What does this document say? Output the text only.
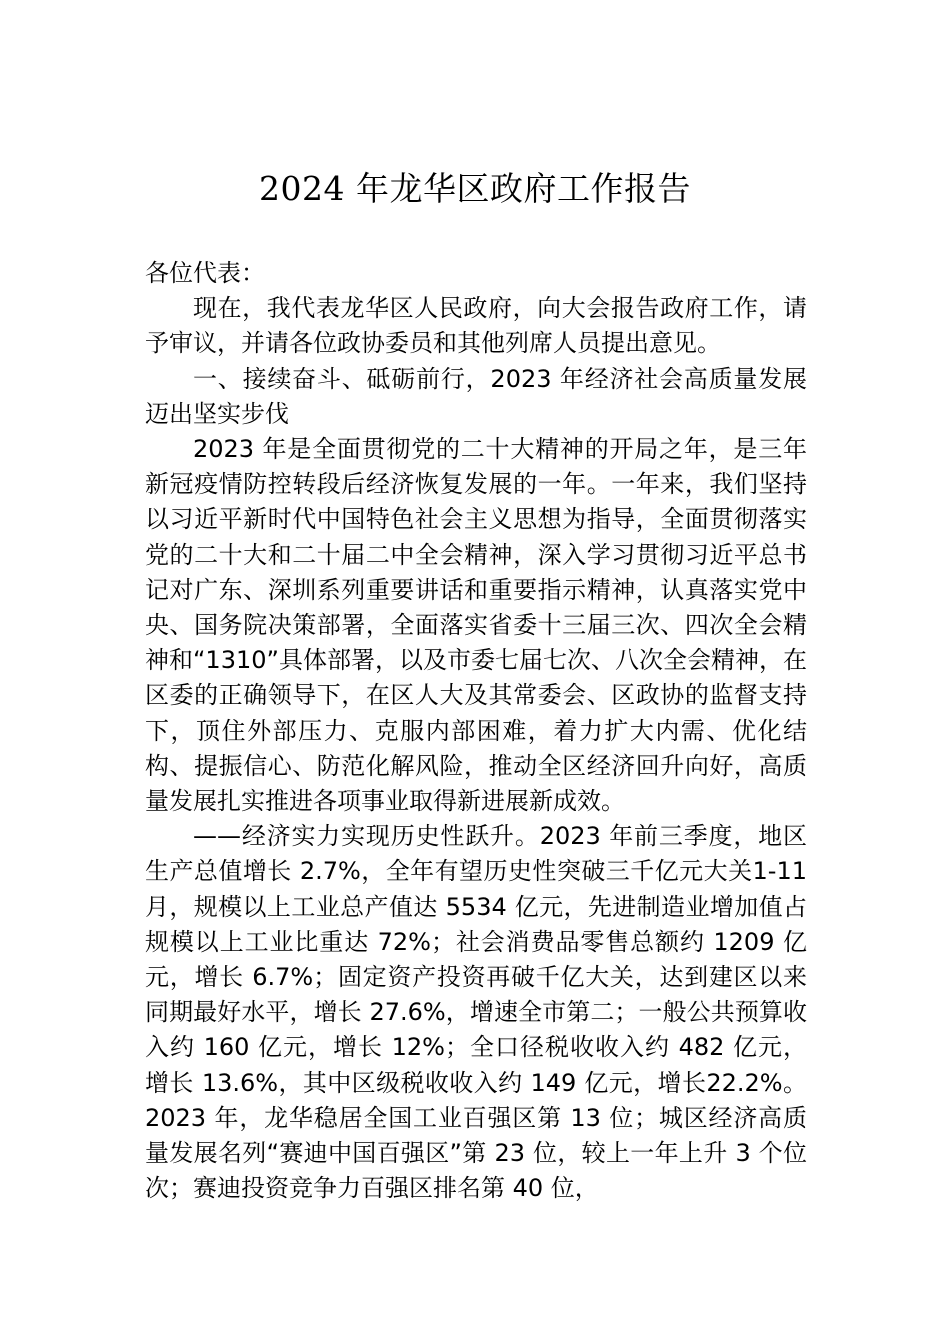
2024 年龙华区政府工作报告

各位代表：

现在，我代表龙华区人民政府，向大会报告政府工作，请予审议，并请各位政协委员和其他列席人员提出意见。

一、接续奋斗、砥砺前行，2023 年经济社会高质量发展迈出坚实步伐

2023 年是全面贯彻党的二十大精神的开局之年，是三年新冠疫情防控转段后经济恢复发展的一年。一年来，我们坚持以习近平新时代中国特色社会主义思想为指导，全面贯彻落实党的二十大和二十届二中全会精神，深入学习贯彻习近平总书记对广东、深圳系列重要讲话和重要指示精神，认真落实党中央、国务院决策部署，全面落实省委十三届三次、四次全会精神和“1310”具体部署，以及市委七届七次、八次全会精神，在区委的正确领导下，在区人大及其常委会、区政协的监督支持下，顶住外部压力、克服内部困难，着力扩大内需、优化结构、提振信心、防范化解风险，推动全区经济回升向好，高质量发展扎实推进各项事业取得新进展新成效。

——经济实力实现历史性跃升。2023 年前三季度，地区生产总值增长 2.7%，全年有望历史性突破三千亿元大关1-11 月，规模以上工业总产值达 5534 亿元，先进制造业增加值占规模以上工业比重达 72%；社会消费品零售总额约 1209 亿元，增长 6.7%；固定资产投资再破千亿大关，达到建区以来同期最好水平，增长 27.6%，增速全市第二；一般公共预算收入约 160 亿元，增长 12%；全口径税收收入约 482 亿元，增长 13.6%，其中区级税收收入约 149 亿元，增长22.2%。2023 年，龙华稳居全国工业百强区第 13 位；城区经济高质量发展名列“赛迪中国百强区”第 23 位，较上一年上升 3 个位次；赛迪投资竞争力百强区排名第 40 位，
